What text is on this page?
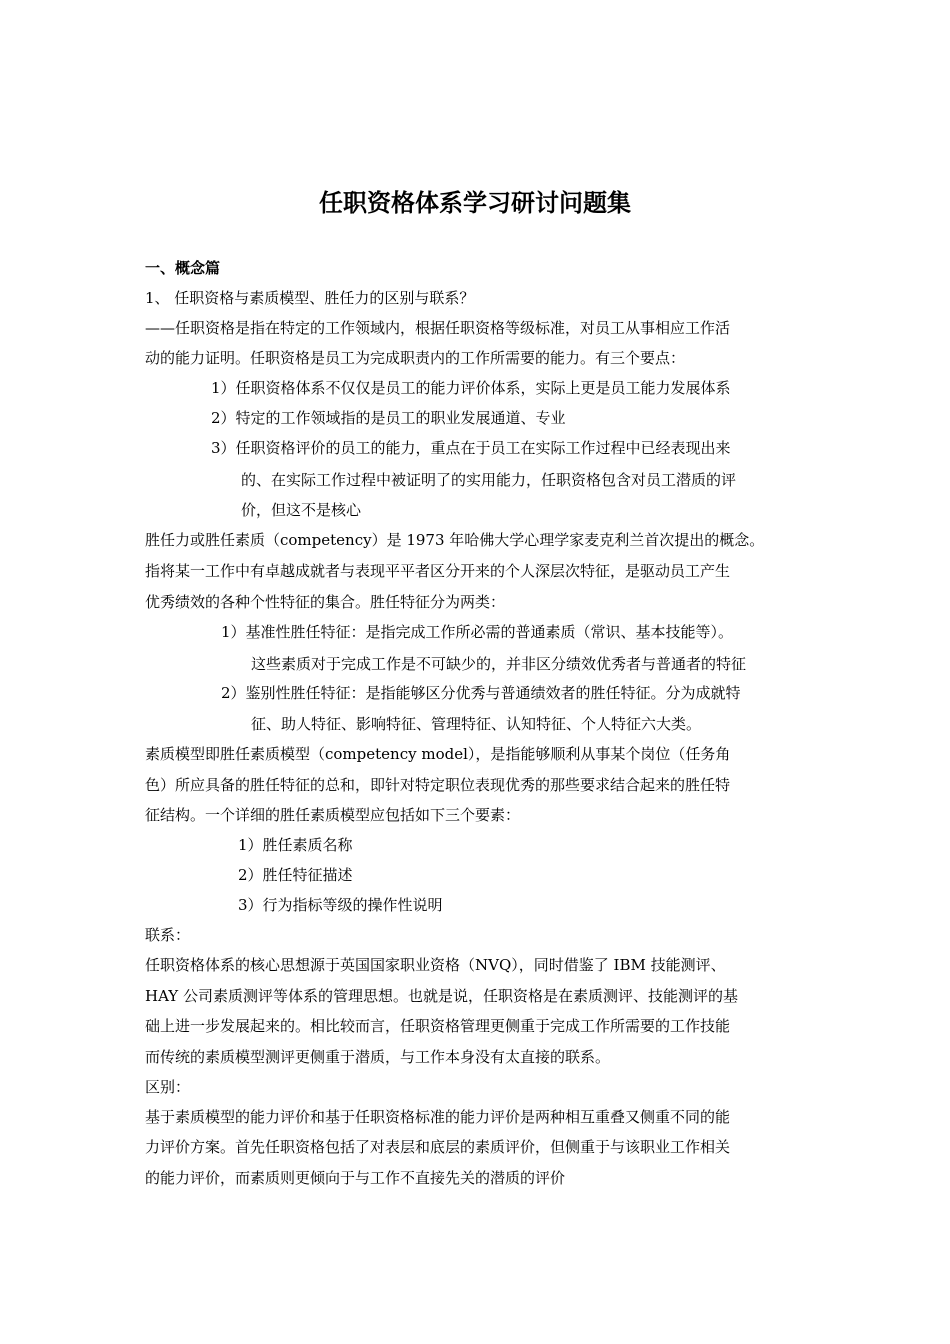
任职资格体系学习研讨问题集
一、概念篇
1、 任职资格与素质模型、胜任力的区别与联系？
——任职资格是指在特定的工作领域内，根据任职资格等级标准，对员工从事相应工作活
动的能力证明。任职资格是员工为完成职责内的工作所需要的能力。有三个要点：
1）任职资格体系不仅仅是员工的能力评价体系，实际上更是员工能力发展体系
2）特定的工作领域指的是员工的职业发展通道、专业
3）任职资格评价的员工的能力，重点在于员工在实际工作过程中已经表现出来
的、在实际工作过程中被证明了的实用能力，任职资格包含对员工潜质的评
价，但这不是核心
胜任力或胜任素质（competency）是 1973 年哈佛大学心理学家麦克利兰首次提出的概念。
指将某一工作中有卓越成就者与表现平平者区分开来的个人深层次特征，是驱动员工产生
优秀绩效的各种个性特征的集合。胜任特征分为两类：
1）基准性胜任特征：是指完成工作所必需的普通素质（常识、基本技能等）。
这些素质对于完成工作是不可缺少的，并非区分绩效优秀者与普通者的特征
2）鉴别性胜任特征：是指能够区分优秀与普通绩效者的胜任特征。分为成就特
征、助人特征、影响特征、管理特征、认知特征、个人特征六大类。
素质模型即胜任素质模型（competency model），是指能够顺利从事某个岗位（任务角
色）所应具备的胜任特征的总和，即针对特定职位表现优秀的那些要求结合起来的胜任特
征结构。一个详细的胜任素质模型应包括如下三个要素：
1）胜任素质名称
2）胜任特征描述
3）行为指标等级的操作性说明
联系：
任职资格体系的核心思想源于英国国家职业资格（NVQ），同时借鉴了 IBM 技能测评、
HAY 公司素质测评等体系的管理思想。也就是说，任职资格是在素质测评、技能测评的基
础上进一步发展起来的。相比较而言，任职资格管理更侧重于完成工作所需要的工作技能
而传统的素质模型测评更侧重于潜质，与工作本身没有太直接的联系。
区别：
基于素质模型的能力评价和基于任职资格标准的能力评价是两种相互重叠又侧重不同的能
力评价方案。首先任职资格包括了对表层和底层的素质评价，但侧重于与该职业工作相关
的能力评价，而素质则更倾向于与工作不直接先关的潜质的评价
